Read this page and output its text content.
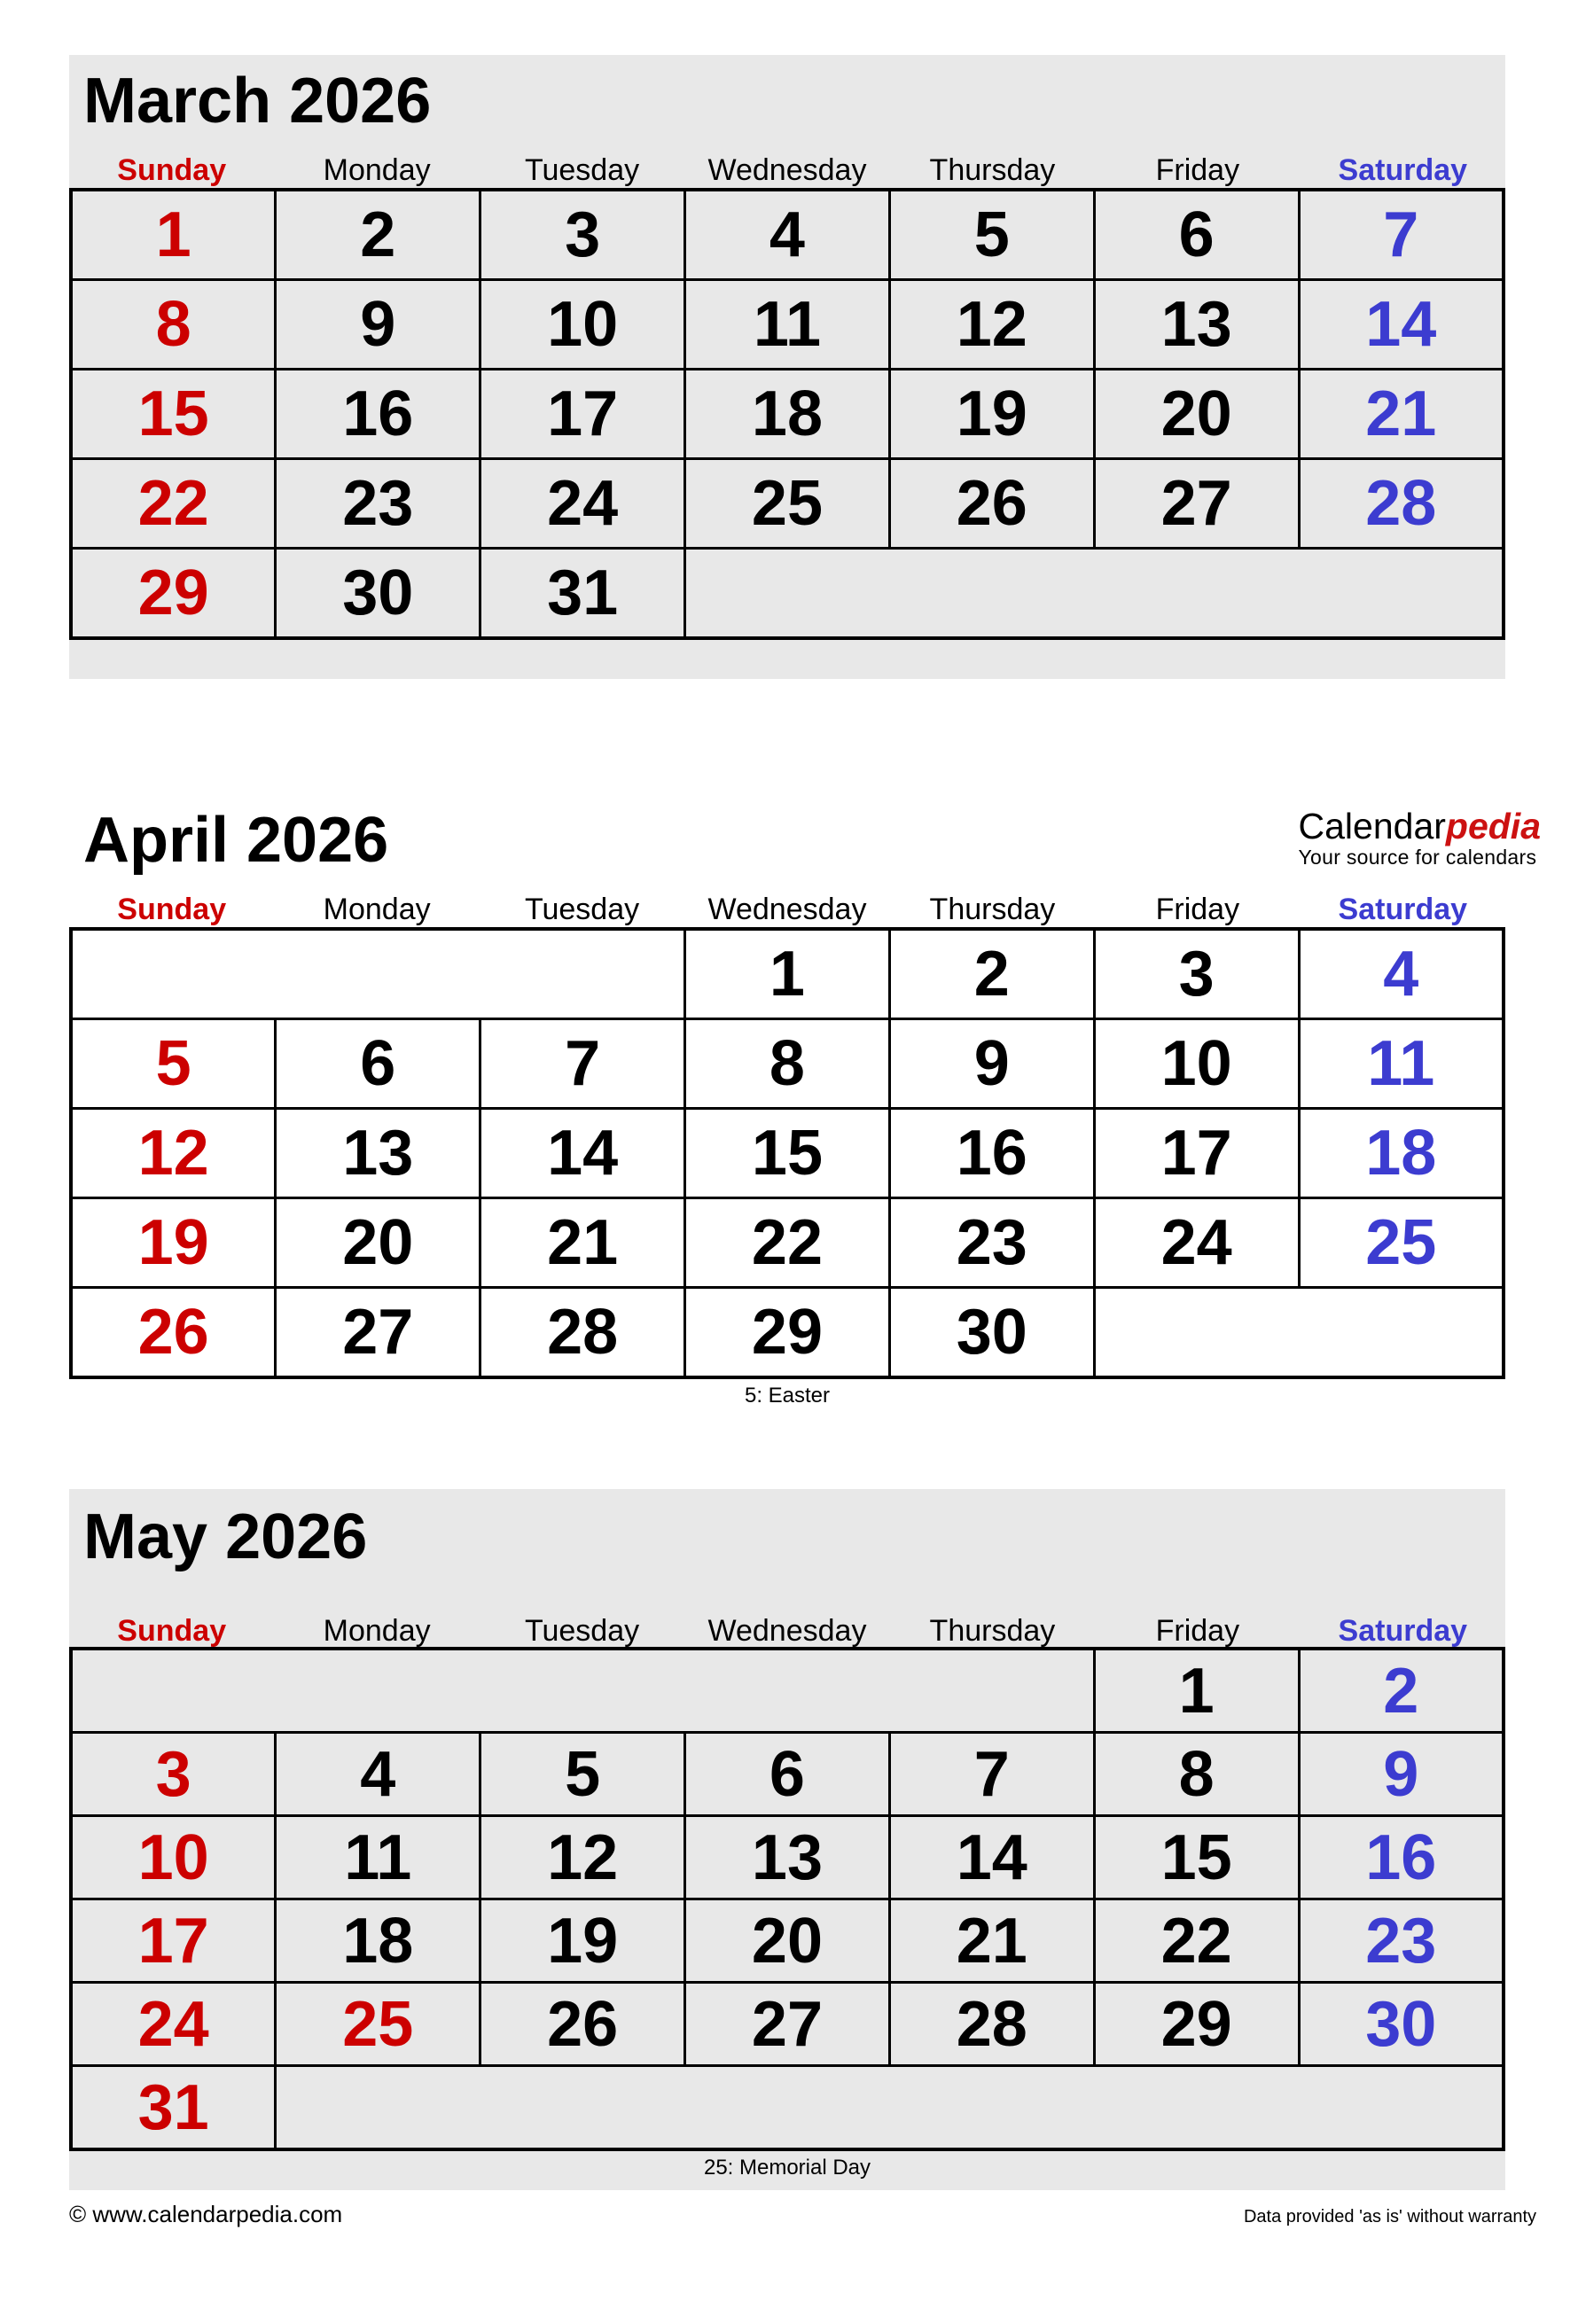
March 2026
Sunday	Monday	Tuesday	Wednesday	Thursday	Friday	Saturday
1	2	3	4	5	6	7
8	9	10	11	12	13	14
15	16	17	18	19	20	21
22	23	24	25	26	27	28
29	30	31				
April 2026	Calendarpedia
Your source for calendars
Sunday	Monday	Tuesday	Wednesday	Thursday	Friday	Saturday
			1	2	3	4
5	6	7	8	9	10	11
12	13	14	15	16	17	18
19	20	21	22	23	24	25
26	27	28	29	30		
5: Easter
May 2026
Sunday	Monday	Tuesday	Wednesday	Thursday	Friday	Saturday
					1	2
3	4	5	6	7	8	9
10	11	12	13	14	15	16
17	18	19	20	21	22	23
24	25	26	27	28	29	30
31						
25: Memorial Day
© www.calendarpedia.com	Data provided 'as is' without warranty
